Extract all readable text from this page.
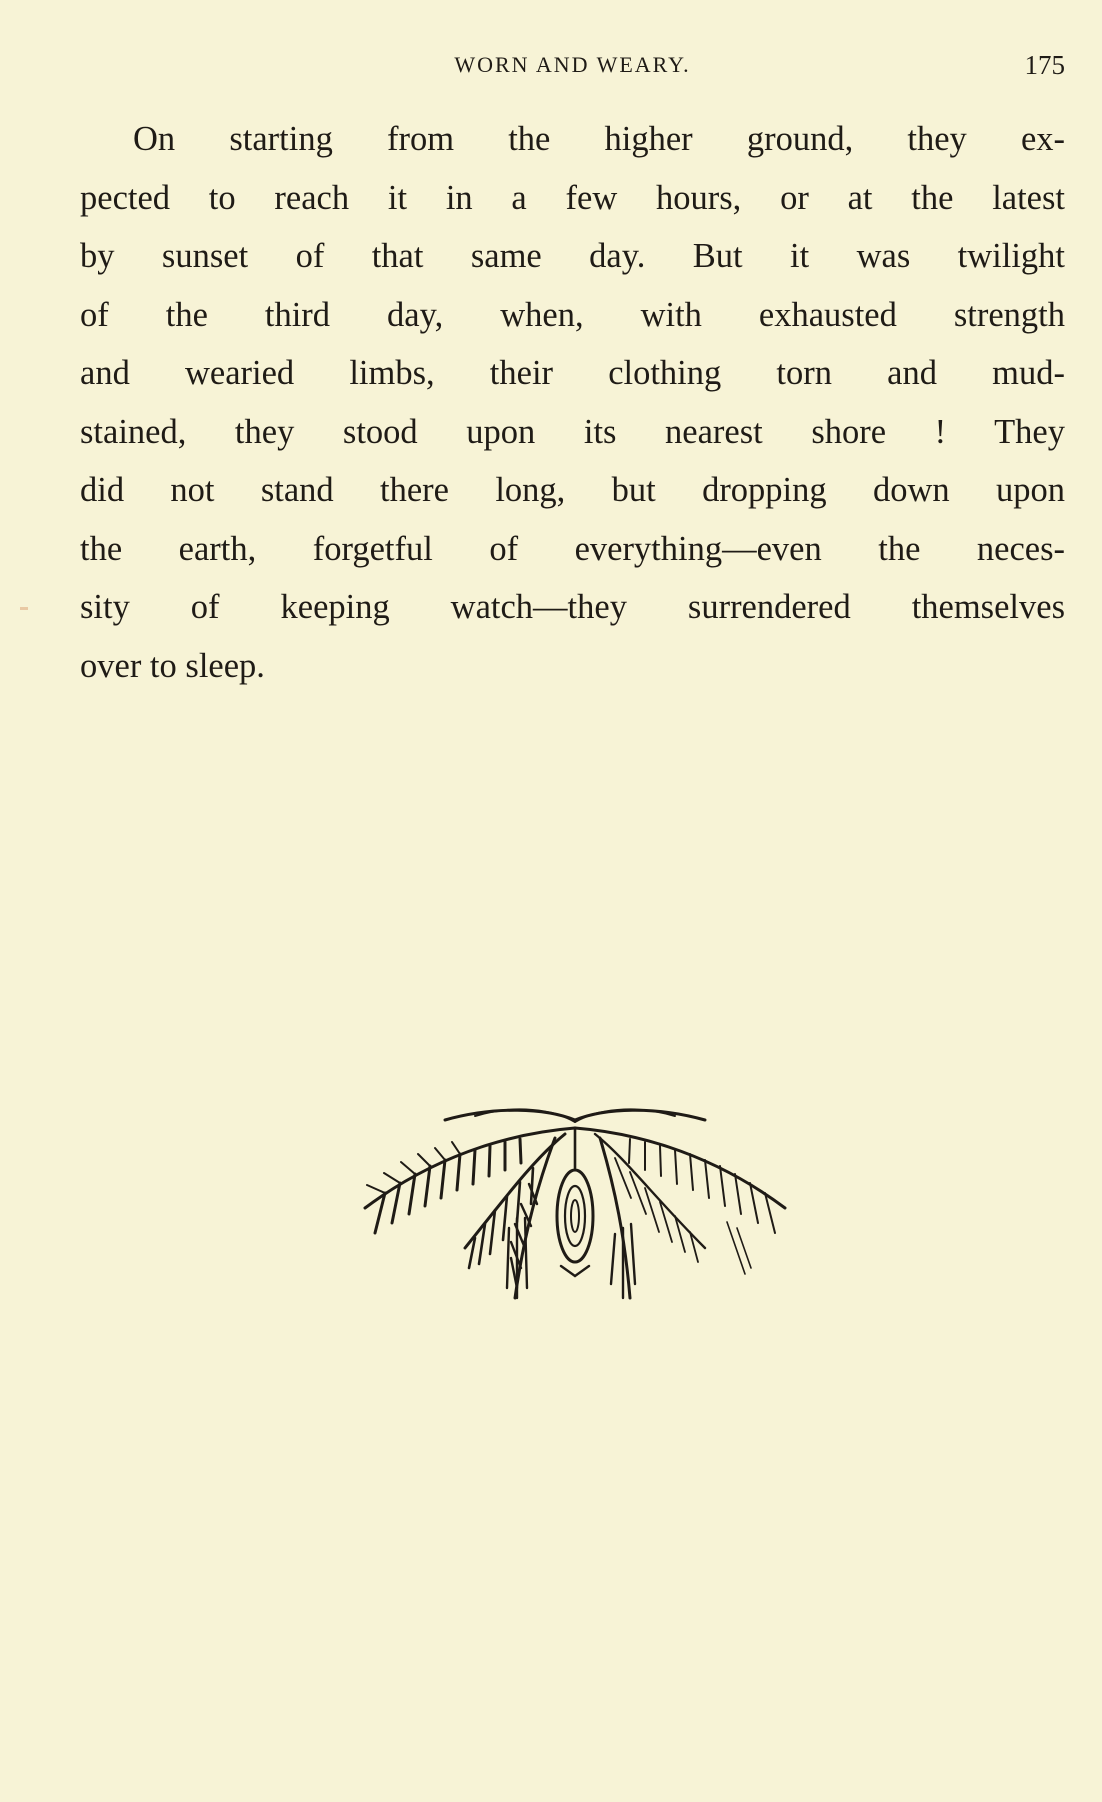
WORN AND WEARY.	175
On starting from the higher ground, they ex-
pected to reach it in a few hours, or at the latest
by sunset of that same day. But it was twilight
of the third day, when, with exhausted strength
and wearied limbs, their clothing torn and mud-
stained, they stood upon its nearest shore ! They
did not stand there long, but dropping down upon
the earth, forgetful of everything—even the neces-
sity of keeping watch—they surrendered themselves
over to sleep.
